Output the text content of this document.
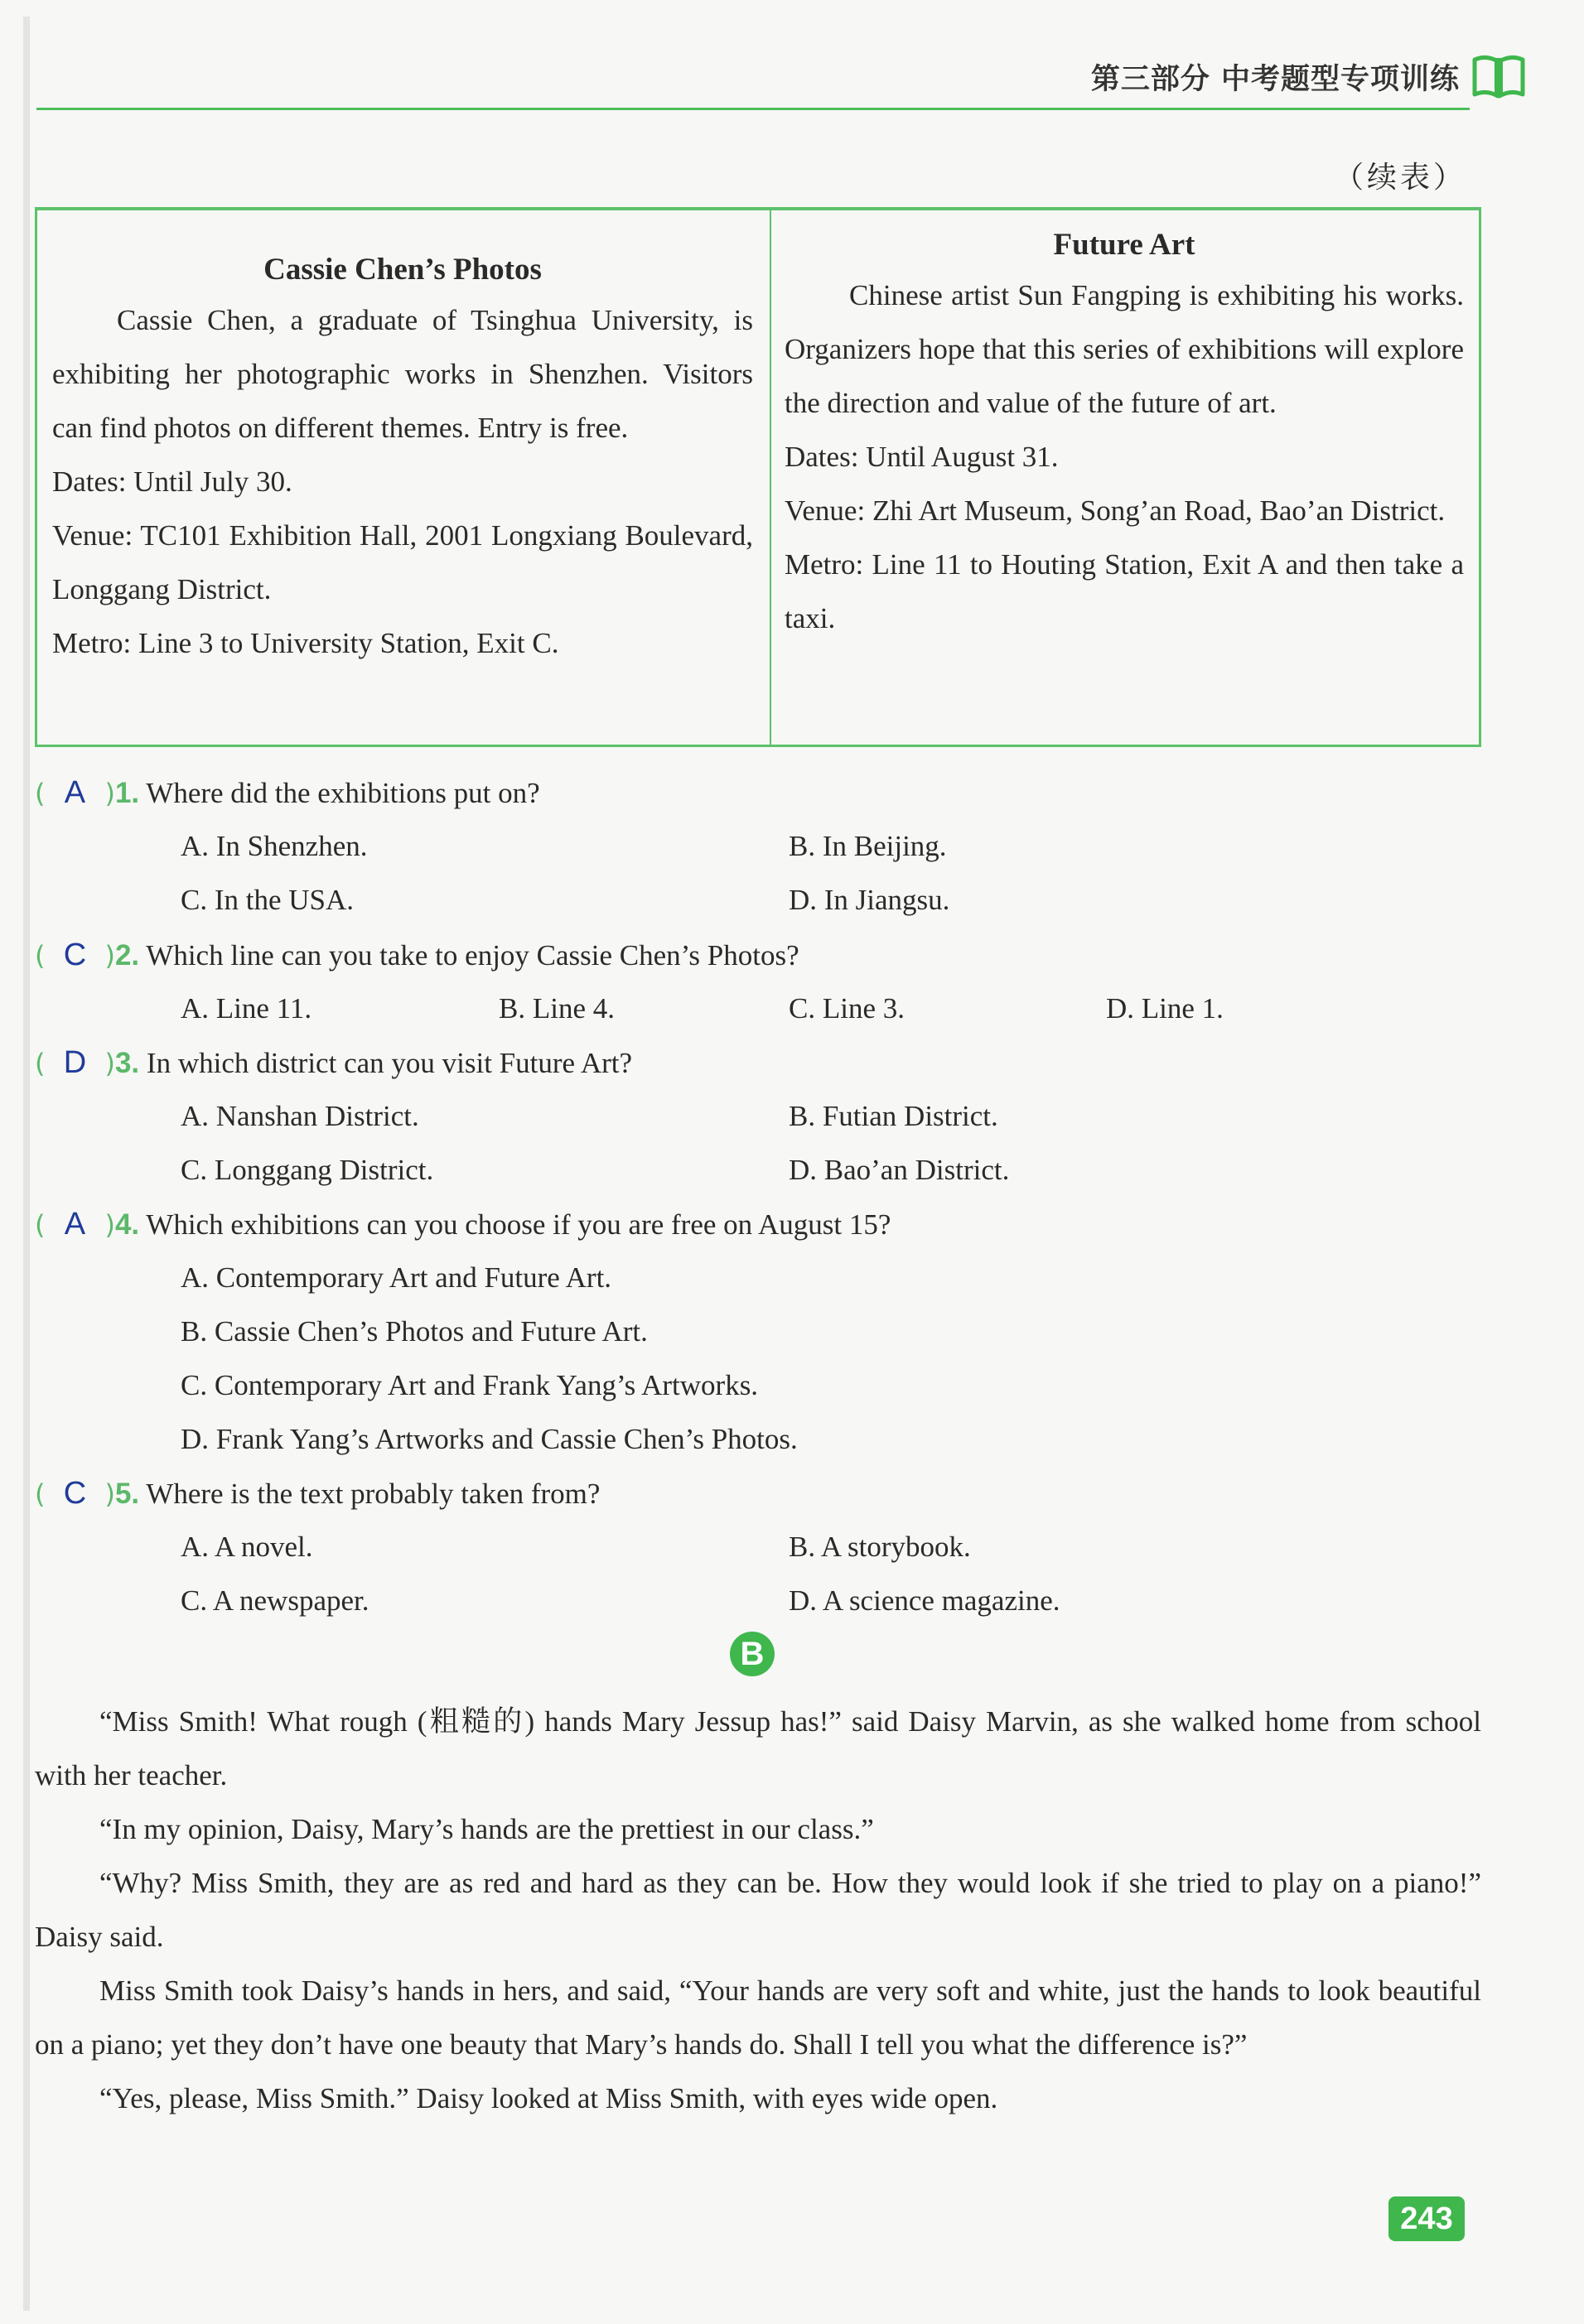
第三部分 中考题型专项训练
（续表）
Cassie Chen’s Photos

Cassie Chen, a graduate of Tsinghua University, is exhibiting her photographic works in Shenzhen. Visitors can find photos on different themes. Entry is free.

Dates: Until July 30.

Venue: TC101 Exhibition Hall, 2001 Longxiang Boulevard, Longgang District.

Metro: Line 3 to University Station, Exit C.

Future Art

Chinese artist Sun Fangping is exhibiting his works. Organizers hope that this series of exhibitions will explore the direction and value of the future of art.

Dates: Until August 31.

Venue: Zhi Art Museum, Song’an Road, Bao’an District.

Metro: Line 11 to Houting Station, Exit A and then take a taxi.

( A )1. Where did the exhibitions put on?
A. In Shenzhen.	B. In Beijing.
C. In the USA.	D. In Jiangsu.
( C )2. Which line can you take to enjoy Cassie Chen’s Photos?
A. Line 11.	B. Line 4.	C. Line 3.	D. Line 1.
( D )3. In which district can you visit Future Art?
A. Nanshan District.	B. Futian District.
C. Longgang District.	D. Bao’an District.
( A )4. Which exhibitions can you choose if you are free on August 15?
A. Contemporary Art and Future Art.
B. Cassie Chen’s Photos and Future Art.
C. Contemporary Art and Frank Yang’s Artworks.
D. Frank Yang’s Artworks and Cassie Chen’s Photos.
( C )5. Where is the text probably taken from?
A. A novel.	B. A storybook.
C. A newspaper.	D. A science magazine.
B

“Miss Smith! What rough (粗糙的) hands Mary Jessup has!” said Daisy Marvin, as she walked home from school with her teacher.

“In my opinion, Daisy, Mary’s hands are the prettiest in our class.”

“Why? Miss Smith, they are as red and hard as they can be. How they would look if she tried to play on a piano!” Daisy said.

Miss Smith took Daisy’s hands in hers, and said, “Your hands are very soft and white, just the hands to look beautiful on a piano; yet they don’t have one beauty that Mary’s hands do. Shall I tell you what the difference is?”

“Yes, please, Miss Smith.” Daisy looked at Miss Smith, with eyes wide open.

243
